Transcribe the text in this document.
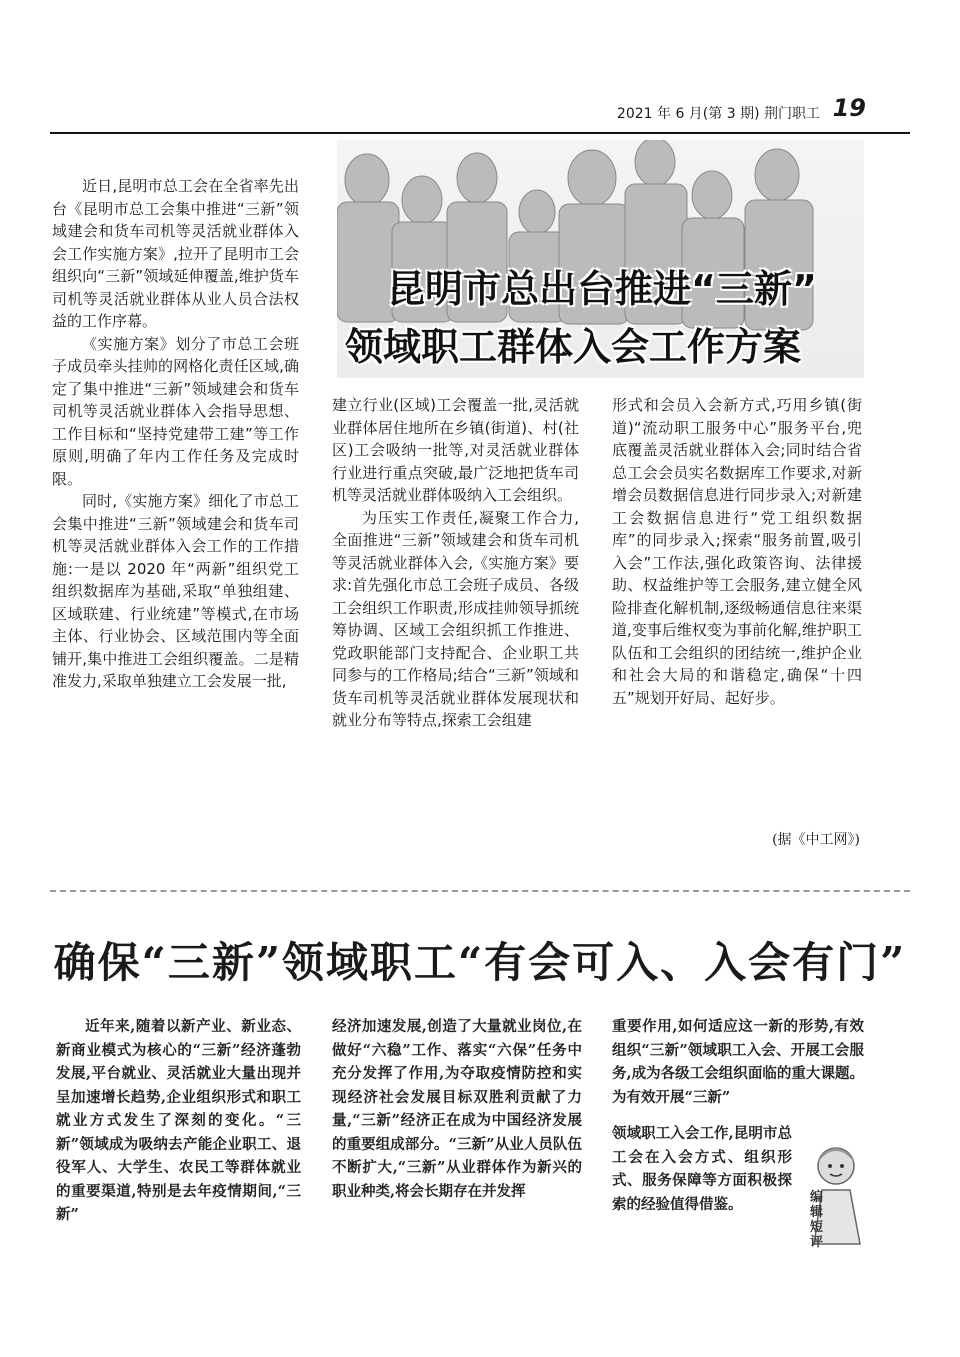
2021 年 6 月(第 3 期) 荆门职工 19
昆明市总出台推进“三新”
领域职工群体入会工作方案

近日,昆明市总工会在全省率先出台《昆明市总工会集中推进“三新”领域建会和货车司机等灵活就业群体入会工作实施方案》,拉开了昆明市工会组织向“三新”领域延伸覆盖,维护货车司机等灵活就业群体从业人员合法权益的工作序幕。

《实施方案》划分了市总工会班子成员牵头挂帅的网格化责任区域,确定了集中推进“三新”领域建会和货车司机等灵活就业群体入会指导思想、工作目标和“坚持党建带工建”等工作原则,明确了年内工作任务及完成时限。

同时,《实施方案》细化了市总工会集中推进“三新”领域建会和货车司机等灵活就业群体入会工作的工作措施:一是以 2020 年“两新”组织党工组织数据库为基础,采取“单独组建、区域联建、行业统建”等模式,在市场主体、行业协会、区域范围内等全面铺开,集中推进工会组织覆盖。二是精准发力,采取单独建立工会发展一批,

建立行业(区域)工会覆盖一批,灵活就业群体居住地所在乡镇(街道)、村(社区)工会吸纳一批等,对灵活就业群体行业进行重点突破,最广泛地把货车司机等灵活就业群体吸纳入工会组织。

为压实工作责任,凝聚工作合力,全面推进“三新”领域建会和货车司机等灵活就业群体入会,《实施方案》要求:首先强化市总工会班子成员、各级工会组织工作职责,形成挂帅领导抓统筹协调、区域工会组织抓工作推进、党政职能部门支持配合、企业职工共同参与的工作格局;结合“三新”领域和货车司机等灵活就业群体发展现状和就业分布等特点,探索工会组建

形式和会员入会新方式,巧用乡镇(街道)“流动职工服务中心”服务平台,兜底覆盖灵活就业群体入会;同时结合省总工会会员实名数据库工作要求,对新增会员数据信息进行同步录入;对新建工会数据信息进行“党工组织数据库”的同步录入;探索“服务前置,吸引入会”工作法,强化政策咨询、法律援助、权益维护等工会服务,建立健全风险排查化解机制,逐级畅通信息往来渠道,变事后维权变为事前化解,维护职工队伍和工会组织的团结统一,维护企业和社会大局的和谐稳定,确保“十四五”规划开好局、起好步。

(据《中工网》)
确保“三新”领域职工“有会可入、入会有门”

近年来,随着以新产业、新业态、新商业模式为核心的“三新”经济蓬勃发展,平台就业、灵活就业大量出现并呈加速增长趋势,企业组织形式和职工就业方式发生了深刻的变化。“三新”领域成为吸纳去产能企业职工、退役军人、大学生、农民工等群体就业的重要渠道,特别是去年疫情期间,“三新”

经济加速发展,创造了大量就业岗位,在做好“六稳”工作、落实“六保”任务中充分发挥了作用,为夺取疫情防控和实现经济社会发展目标双胜利贡献了力量,“三新”经济正在成为中国经济发展的重要组成部分。“三新”从业人员队伍不断扩大,“三新”从业群体作为新兴的职业种类,将会长期存在并发挥

重要作用,如何适应这一新的形势,有效组织“三新”领域职工入会、开展工会服务,成为各级工会组织面临的重大课题。为有效开展“三新”

领域职工入会工作,昆明市总工会在入会方式、组织形式、服务保障等方面积极探索的经验值得借鉴。	编辑短评
